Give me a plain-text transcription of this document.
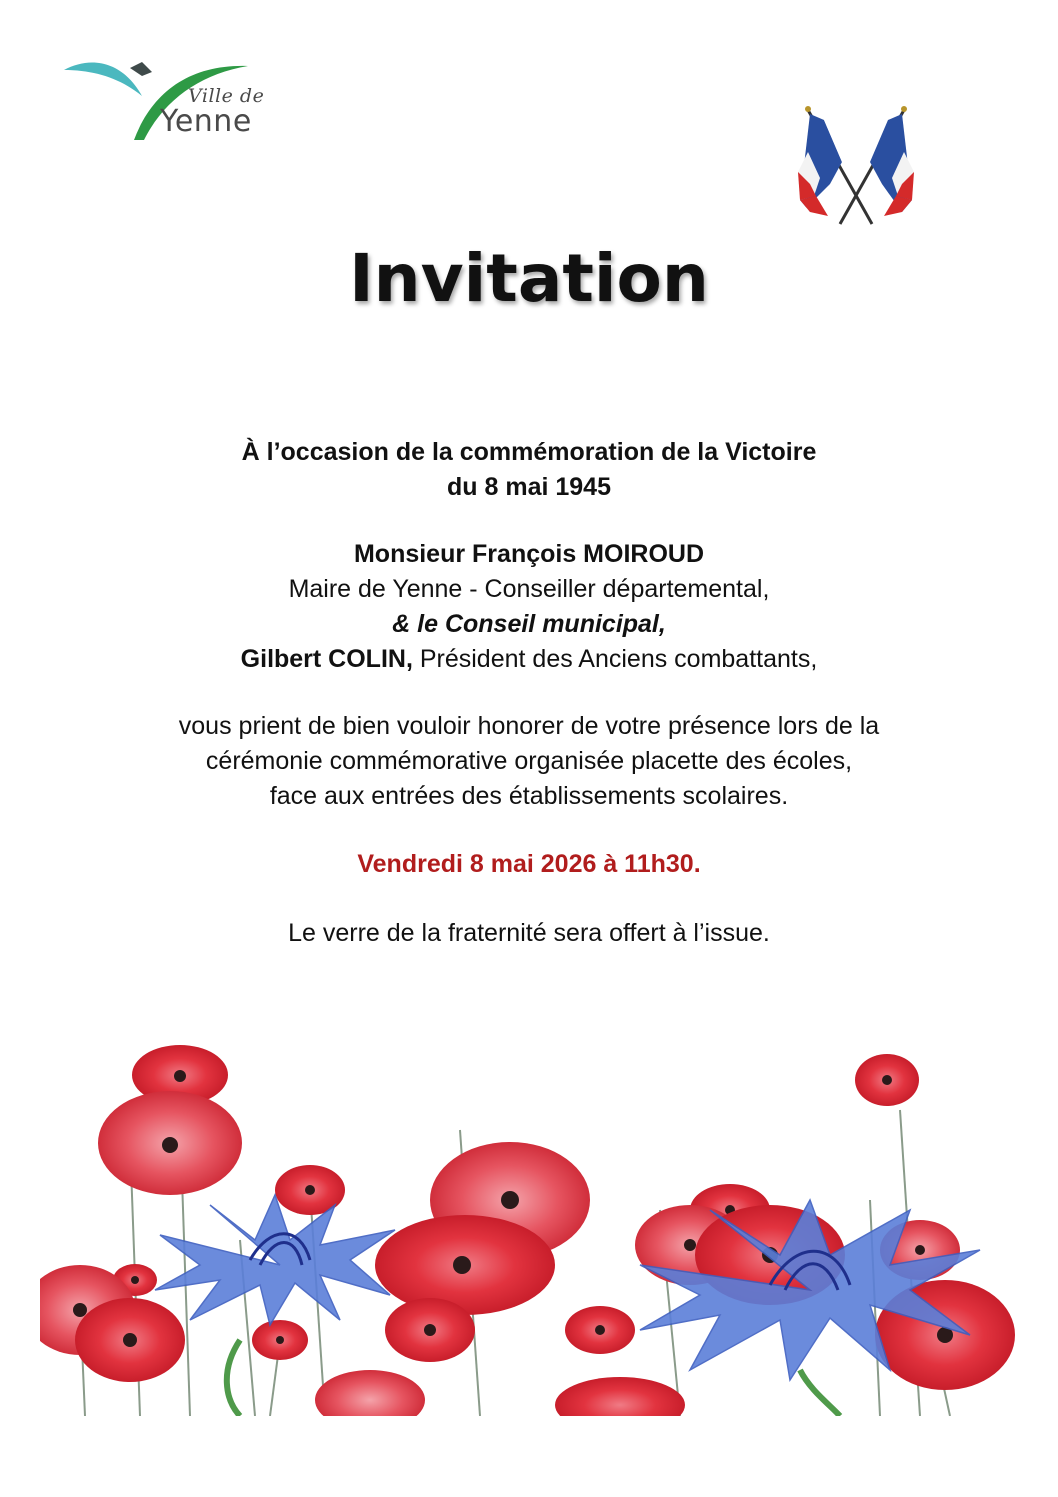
Ville de
Yenne
Invitation

À l’occasion de la commémoration de la Victoire

du 8 mai 1945

Monsieur François MOIROUD

Maire de Yenne - Conseiller départemental,

& le Conseil municipal,

Gilbert COLIN, Président des Anciens combattants,

vous prient de bien vouloir honorer de votre présence lors de la

cérémonie commémorative organisée placette des écoles,

face aux entrées des établissements scolaires.

Vendredi 8 mai 2026 à 11h30.

Le verre de la fraternité sera offert à l’issue.
